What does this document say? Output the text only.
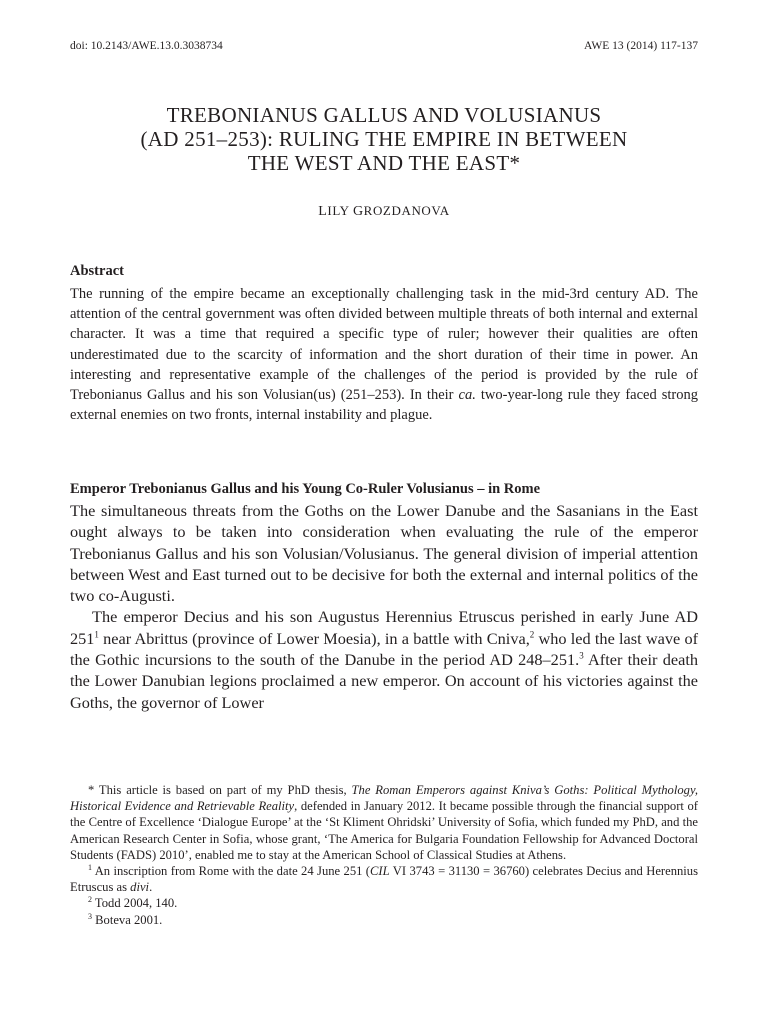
doi: 10.2143/AWE.13.0.3038734	AWE 13 (2014) 117-137
TREBONIANUS GALLUS AND VOLUSIANUS
(AD 251–253): RULING THE EMPIRE IN BETWEEN
THE WEST AND THE EAST*
LILY GROZDANOVA
Abstract
The running of the empire became an exceptionally challenging task in the mid-3rd century AD. The attention of the central government was often divided between multiple threats of both internal and external character. It was a time that required a specific type of ruler; however their qualities are often underestimated due to the scarcity of information and the short duration of their time in power. An interesting and representative example of the challenges of the period is provided by the rule of Trebonianus Gallus and his son Volusian(us) (251–253). In their ca. two-year-long rule they faced strong external enemies on two fronts, internal instability and plague.
Emperor Trebonianus Gallus and his Young Co-Ruler Volusianus – in Rome

The simultaneous threats from the Goths on the Lower Danube and the Sasanians in the East ought always to be taken into consideration when evaluating the rule of the emperor Trebonianus Gallus and his son Volusian/Volusianus. The general division of imperial attention between West and East turned out to be decisive for both the external and internal politics of the two co-Augusti.

The emperor Decius and his son Augustus Herennius Etruscus perished in early June AD $251^1$ near Abrittus (province of Lower Moesia), in a battle with Cniva,$^2$ who led the last wave of the Gothic incursions to the south of the Danube in the period AD 248–251.$^3$ After their death the Lower Danubian legions proclaimed a new emperor. On account of his victories against the Goths, the governor of Lower

* This article is based on part of my PhD thesis, The Roman Emperors against Kniva’s Goths: Political Mythology, Historical Evidence and Retrievable Reality, defended in January 2012. It became possible through the financial support of the Centre of Excellence ‘Dialogue Europe’ at the ‘St Kliment Ohridski’ University of Sofia, which funded my PhD, and the American Research Center in Sofia, whose grant, ‘The America for Bulgaria Foundation Fellowship for Advanced Doctoral Students (FADS) 2010’, enabled me to stay at the American School of Classical Studies at Athens.

$^1$ An inscription from Rome with the date 24 June 251 (CIL VI 3743 = 31130 = 36760) celebrates Decius and Herennius Etruscus as divi.

$^2$ Todd 2004, 140.

$^3$ Boteva 2001.
